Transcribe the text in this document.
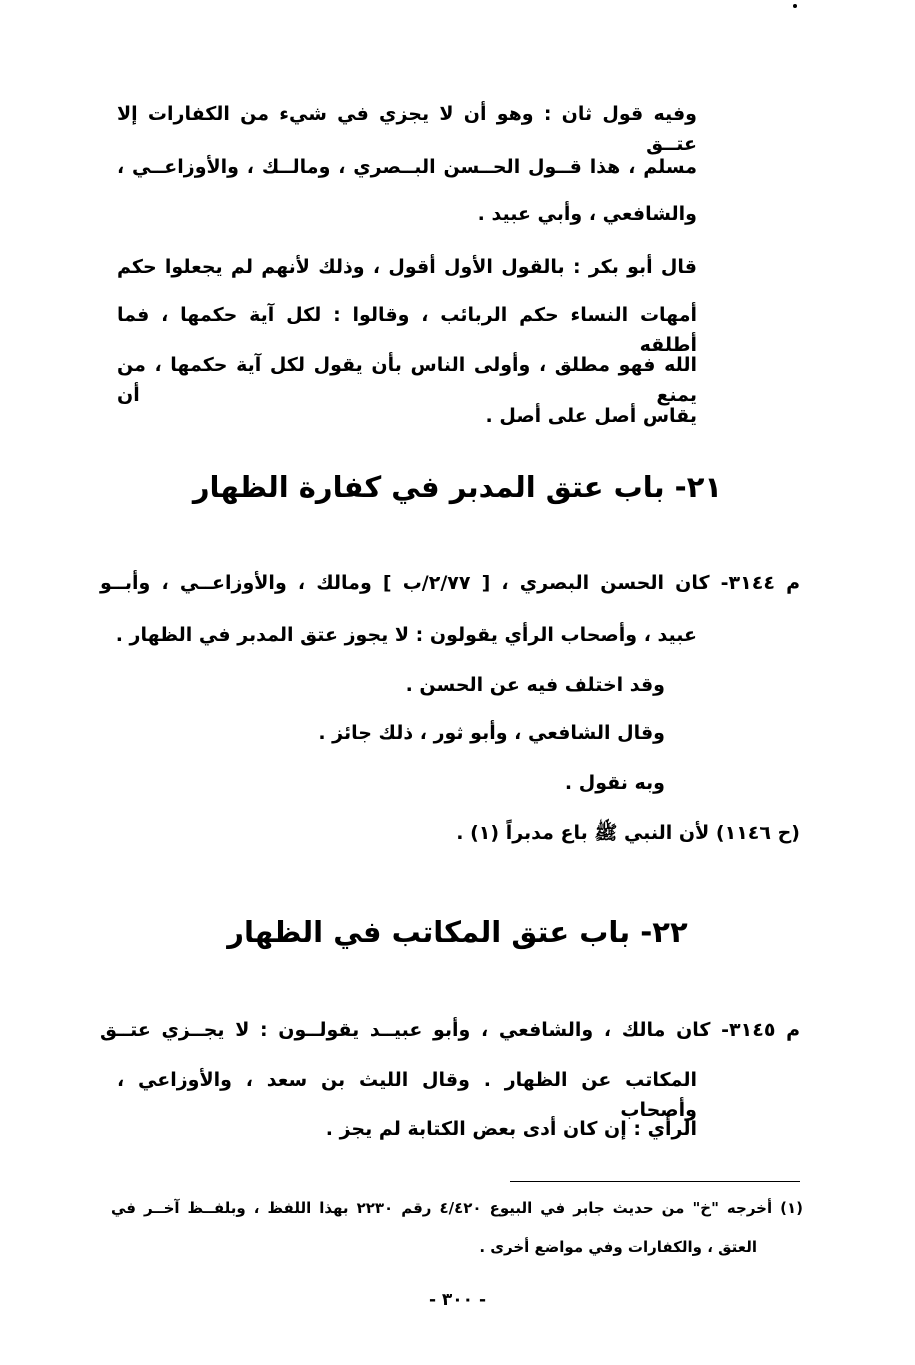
وفيه قول ثان : وهو أن لا يجزي في شيء من الكفارات إلا عتــق
مسلم ، هذا قــول الحــسن البــصري ، ومالــك ، والأوزاعــي ،
والشافعي ، وأبي عبيد .
قال أبو بكر : بالقول الأول أقول ، وذلك لأنهم لم يجعلوا حكم
أمهات النساء حكم الربائب ، وقالوا : لكل آية حكمها ، فما أطلقه
الله فهو مطلق ، وأولى الناس بأن يقول لكل آية حكمها ، من يمنع أن
يقاس أصل على أصل .
٢١- باب عتق المدبر في كفارة الظهار
م ٣١٤٤- كان الحسن البصري ، [ ٢/٧٧/ب ] ومالك ، والأوزاعــي ، وأبــو
عبيد ، وأصحاب الرأي يقولون : لا يجوز عتق المدبر في الظهار .
وقد اختلف فيه عن الحسن .
وقال الشافعي ، وأبو ثور ، ذلك جائز .
وبه نقول .
(ح ١١٤٦) لأن النبي ﷺ باع مدبراً (١) .
٢٢- باب عتق المكاتب في الظهار
م ٣١٤٥- كان مالك ، والشافعي ، وأبو عبيــد يقولــون : لا يجــزي عتــق
المكاتب عن الظهار . وقال الليث بن سعد ، والأوزاعي ، وأصحاب
الرأي : إن كان أدى بعض الكتابة لم يجز .
(١) أخرجه "خ" من حديث جابر في البيوع ٤/٤٢٠ رقم ٢٢٣٠ بهذا اللفظ ، وبلفــظ آخــر في
العتق ، والكفارات وفي مواضع أخرى .
- ٣٠٠ -
